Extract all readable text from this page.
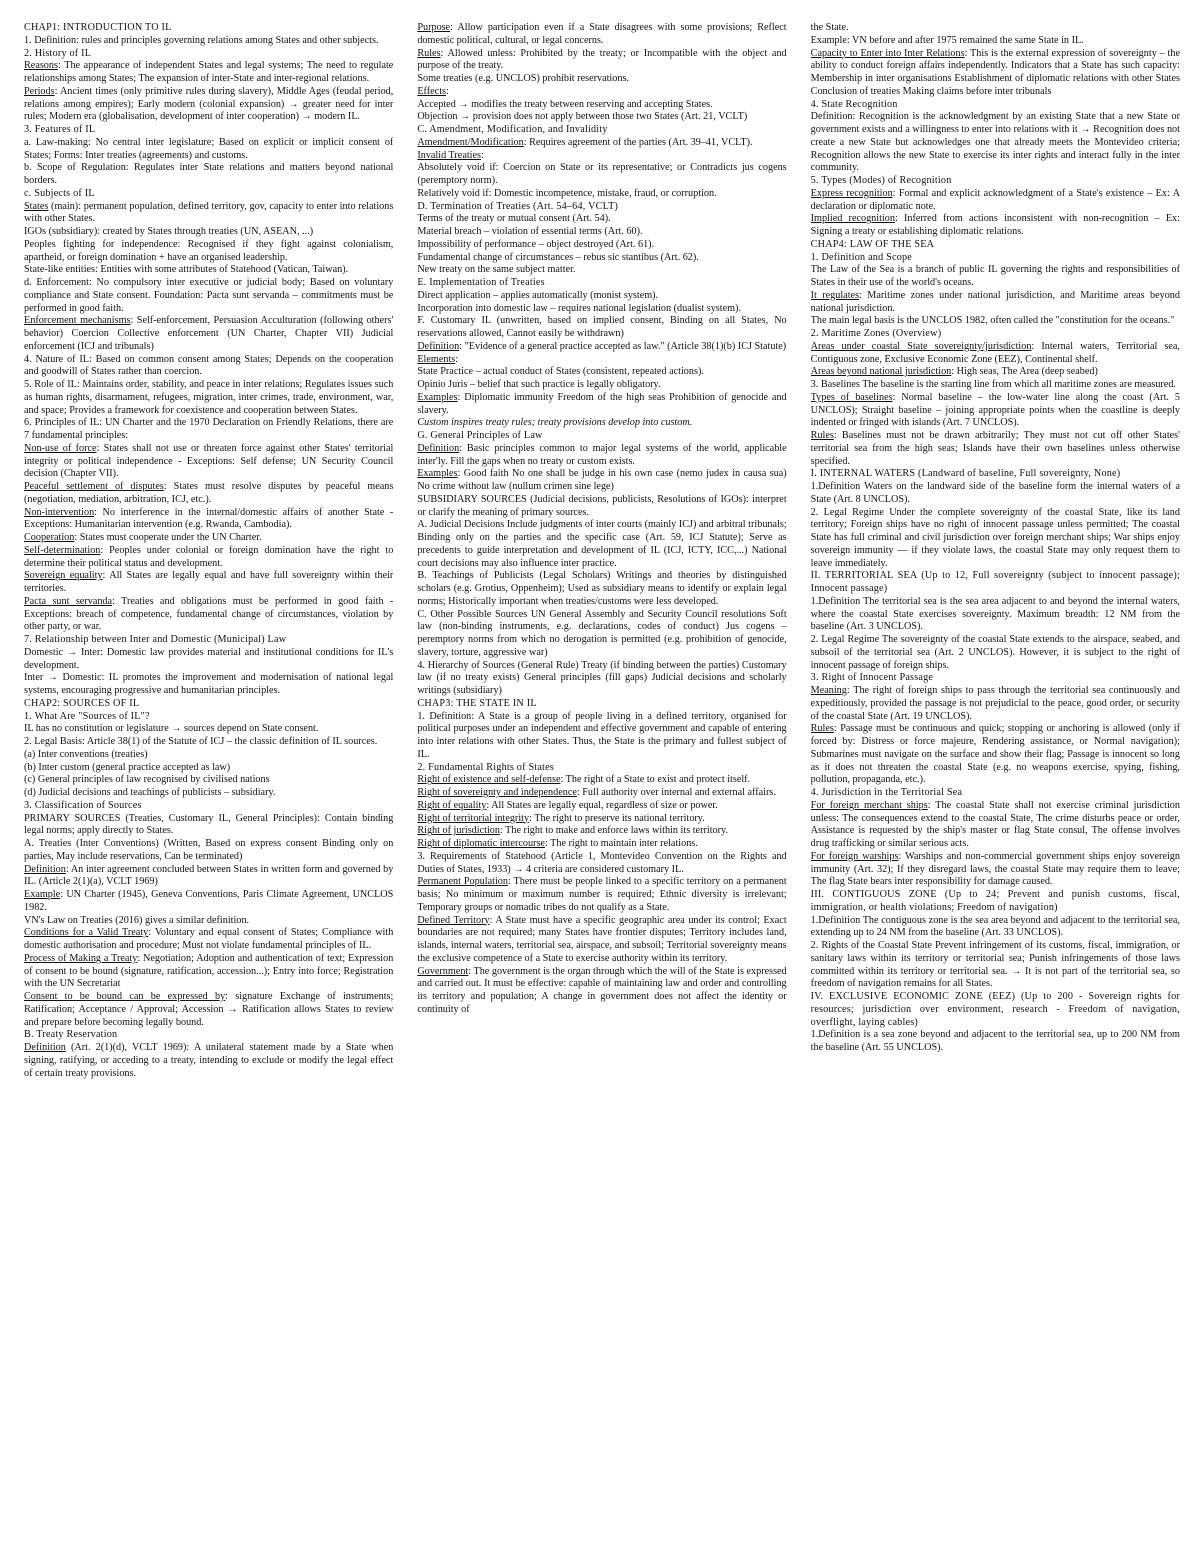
CHAP1: INTRODUCTION TO IL

1. Definition: rules and principles governing relations among States and other subjects.

2. History of IL

Reasons: The appearance of independent States and legal systems; The need to regulate relationships among States; The expansion of inter-State and inter-regional relations.

Periods: Ancient times (only primitive rules during slavery), Middle Ages (feudal period, relations among empires); Early modern (colonial expansion) → greater need for inter rules; Modern era (globalisation, development of inter cooperation) → modern IL.

3. Features of IL

a. Law-making: No central inter legislature; Based on explicit or implicit consent of States; Forms: Inter treaties (agreements) and customs.

b. Scope of Regulation: Regulates inter State relations and matters beyond national borders.

c. Subjects of IL

States (main): permanent population, defined territory, gov, capacity to enter into relations with other States.

IGOs (subsidiary): created by States through treaties (UN, ASEAN, ...)

Peoples fighting for independence: Recognised if they fight against colonialism, apartheid, or foreign domination + have an organised leadership.

State-like entities: Entities with some attributes of Statehood (Vatican, Taiwan).

d. Enforcement: No compulsory inter executive or judicial body; Based on voluntary compliance and State consent. Foundation: Pacta sunt servanda – commitments must be performed in good faith.

Enforcement mechanisms: Self-enforcement, Persuasion Acculturation (following others' behavior) Coercion Collective enforcement (UN Charter, Chapter VII) Judicial enforcement (ICJ and tribunals)

4. Nature of IL: Based on common consent among States; Depends on the cooperation and goodwill of States rather than coercion.

5. Role of IL: Maintains order, stability, and peace in inter relations; Regulates issues such as human rights, disarmament, refugees, migration, inter crimes, trade, environment, war, and space; Provides a framework for coexistence and cooperation between States.

6. Principles of IL: UN Charter and the 1970 Declaration on Friendly Relations, there are 7 fundamental principles:

Non-use of force: States shall not use or threaten force against other States' territorial integrity or political independence - Exceptions: Self defense; UN Security Council decision (Chapter VII).

Peaceful settlement of disputes: States must resolve disputes by peaceful means (negotiation, mediation, arbitration, ICJ, etc.).

Non-intervention: No interference in the internal/domestic affairs of another State - Exceptions: Humanitarian intervention (e.g. Rwanda, Cambodia).

Cooperation: States must cooperate under the UN Charter.

Self-determination: Peoples under colonial or foreign domination have the right to determine their political status and development.

Sovereign equality: All States are legally equal and have full sovereignty within their territories.

Pacta sunt servanda: Treaties and obligations must be performed in good faith - Exceptions: breach of competence, fundamental change of circumstances, violation by other party, or war.

7. Relationship between Inter and Domestic (Municipal) Law

Domestic → Inter: Domestic law provides material and institutional conditions for IL's development.

Inter → Domestic: IL promotes the improvement and modernisation of national legal systems, encouraging progressive and humanitarian principles.

CHAP2: SOURCES OF IL

1. What Are "Sources of IL"?

IL has no constitution or legislature → sources depend on State consent.

2. Legal Basis: Article 38(1) of the Statute of ICJ – the classic definition of IL sources.

(a) Inter conventions (treaties)

(b) Inter custom (general practice accepted as law)

(c) General principles of law recognised by civilised nations

(d) Judicial decisions and teachings of publicists – subsidiary.

3. Classification of Sources

PRIMARY SOURCES (Treaties, Customary IL, General Principles): Contain binding legal norms; apply directly to States.

A. Treaties (Inter Conventions) (Written, Based on express consent Binding only on parties, May include reservations, Can be terminated)

Definition: An inter agreement concluded between States in written form and governed by IL. (Article 2(1)(a), VCLT 1969)

Example: UN Charter (1945), Geneva Conventions, Paris Climate Agreement, UNCLOS 1982.

VN's Law on Treaties (2016) gives a similar definition.

Conditions for a Valid Treaty: Voluntary and equal consent of States; Compliance with domestic authorisation and procedure; Must not violate fundamental principles of IL.

Process of Making a Treaty: Negotiation; Adoption and authentication of text; Expression of consent to be bound (signature, ratification, accession...); Entry into force; Registration with the UN Secretariat

Consent to be bound can be expressed by: signature Exchange of instruments; Ratification; Acceptance / Approval; Accession → Ratification allows States to review and prepare before becoming legally bound.

B. Treaty Reservation

Definition (Art. 2(1)(d), VCLT 1969): A unilateral statement made by a State when signing, ratifying, or acceding to a treaty, intending to exclude or modify the legal effect of certain treaty provisions.

Purpose: Allow participation even if a State disagrees with some provisions; Reflect domestic political, cultural, or legal concerns.

Rules: Allowed unless: Prohibited by the treaty; or Incompatible with the object and purpose of the treaty.

Some treaties (e.g. UNCLOS) prohibit reservations.

Effects:

Accepted → modifies the treaty between reserving and accepting States.

Objection → provision does not apply between those two States (Art. 21, VCLT)

C. Amendment, Modification, and Invalidity

Amendment/Modification: Requires agreement of the parties (Art. 39–41, VCLT).

Invalid Treaties:

Absolutely void if: Coercion on State or its representative; or Contradicts jus cogens (peremptory norm).

Relatively void if: Domestic incompetence, mistake, fraud, or corruption.

D. Termination of Treaties (Art. 54–64, VCLT)

Terms of the treaty or mutual consent (Art. 54).

Material breach – violation of essential terms (Art. 60).

Impossibility of performance – object destroyed (Art. 61).

Fundamental change of circumstances – rebus sic stantibus (Art. 62).

New treaty on the same subject matter.

E. Implementation of Treaties

Direct application – applies automatically (monist system).

Incorporation into domestic law – requires national legislation (dualist system).

F. Customary IL (unwritten, based on implied consent, Binding on all States, No reservations allowed, Cannot easily be withdrawn)

Definition: "Evidence of a general practice accepted as law." (Article 38(1)(b) ICJ Statute)

Elements:

State Practice – actual conduct of States (consistent, repeated actions).

Opinio Juris – belief that such practice is legally obligatory.

Examples: Diplomatic immunity Freedom of the high seas Prohibition of genocide and slavery.

Custom inspires treaty rules; treaty provisions develop into custom.

G. General Principles of Law

Definition: Basic principles common to major legal systems of the world, applicable inter'ly. Fill the gaps when no treaty or custom exists.

Examples: Good faith No one shall be judge in his own case (nemo judex in causa sua) No crime without law (nullum crimen sine lege)

SUBSIDIARY SOURCES (Judicial decisions, publicists, Resolutions of IGOs): interpret or clarify the meaning of primary sources.

A. Judicial Decisions Include judgments of inter courts (mainly ICJ) and arbitral tribunals; Binding only on the parties and the specific case (Art. 59, ICJ Statute); Serve as precedents to guide interpretation and development of IL (ICJ, ICTY, ICC,...) National court decisions may also influence inter practice.

B. Teachings of Publicists (Legal Scholars) Writings and theories by distinguished scholars (e.g. Grotius, Oppenheim); Used as subsidiary means to identify or explain legal norms; Historically important when treaties/customs were less developed.

C. Other Possible Sources UN General Assembly and Security Council resolutions Soft law (non-binding instruments, e.g. declarations, codes of conduct) Jus cogens – peremptory norms from which no derogation is permitted (e.g. prohibition of genocide, slavery, torture, aggressive war)

4. Hierarchy of Sources (General Rule) Treaty (if binding between the parties) Customary law (if no treaty exists) General principles (fill gaps) Judicial decisions and scholarly writings (subsidiary)

CHAP3: THE STATE IN IL

1. Definition: A State is a group of people living in a defined territory, organised for political purposes under an independent and effective government and capable of entering into inter relations with other States. Thus, the State is the primary and fullest subject of IL.

2. Fundamental Rights of States

Right of existence and self-defense: The right of a State to exist and protect itself.

Right of sovereignty and independence: Full authority over internal and external affairs.

Right of equality: All States are legally equal, regardless of size or power.

Right of territorial integrity: The right to preserve its national territory.

Right of jurisdiction: The right to make and enforce laws within its territory.

Right of diplomatic intercourse: The right to maintain inter relations.

3. Requirements of Statehood (Article 1, Montevideo Convention on the Rights and Duties of States, 1933) → 4 criteria are considered customary IL.

Permanent Population: There must be people linked to a specific territory on a permanent basis; No minimum or maximum number is required; Ethnic diversity is irrelevant; Temporary groups or nomadic tribes do not qualify as a State.

Defined Territory: A State must have a specific geographic area under its control; Exact boundaries are not required; many States have frontier disputes; Territory includes land, islands, internal waters, territorial sea, airspace, and subsoil; Territorial sovereignty means the exclusive competence of a State to exercise authority within its territory.

Government: The government is the organ through which the will of the State is expressed and carried out. It must be effective: capable of maintaining law and order and controlling its territory and population; A change in government does not affect the identity or continuity of

the State.

Example: VN before and after 1975 remained the same State in IL.

Capacity to Enter into Inter Relations: This is the external expression of sovereignty – the ability to conduct foreign affairs independently. Indicators that a State has such capacity: Membership in inter organisations Establishment of diplomatic relations with other States Conclusion of treaties Making claims before inter tribunals

4. State Recognition

Definition: Recognition is the acknowledgment by an existing State that a new State or government exists and a willingness to enter into relations with it → Recognition does not create a new State but acknowledges one that already meets the Montevideo criteria; Recognition allows the new State to exercise its inter rights and interact fully in the inter community.

5. Types (Modes) of Recognition

Express recognition: Formal and explicit acknowledgment of a State's existence – Ex: A declaration or diplomatic note.

Implied recognition: Inferred from actions inconsistent with non-recognition – Ex: Signing a treaty or establishing diplomatic relations.

CHAP4: LAW OF THE SEA

1. Definition and Scope

The Law of the Sea is a branch of public IL governing the rights and responsibilities of States in their use of the world's oceans.

It regulates: Maritime zones under national jurisdiction, and Maritime areas beyond national jurisdiction.

The main legal basis is the UNCLOS 1982, often called the "constitution for the oceans."

2. Maritime Zones (Overview)

Areas under coastal State sovereignty/jurisdiction: Internal waters, Territorial sea, Contiguous zone, Exclusive Economic Zone (EEZ), Continental shelf.

Areas beyond national jurisdiction: High seas, The Area (deep seabed)

3. Baselines The baseline is the starting line from which all maritime zones are measured.

Types of baselines: Normal baseline – the low-water line along the coast (Art. 5 UNCLOS); Straight baseline – joining appropriate points when the coastline is deeply indented or fringed with islands (Art. 7 UNCLOS).

Rules: Baselines must not be drawn arbitrarily; They must not cut off other States' territorial sea from the high seas; Islands have their own baselines unless otherwise specified.

I. INTERNAL WATERS (Landward of baseline, Full sovereignty, None)

1.Definition Waters on the landward side of the baseline form the internal waters of a State (Art. 8 UNCLOS).

2. Legal Regime Under the complete sovereignty of the coastal State, like its land territory; Foreign ships have no right of innocent passage unless permitted; The coastal State has full criminal and civil jurisdiction over foreign merchant ships; War ships enjoy sovereign immunity — if they violate laws, the coastal State may only request them to leave immediately.

II. TERRITORIAL SEA (Up to 12, Full sovereignty (subject to innocent passage); Innocent passage)

1.Definition The territorial sea is the sea area adjacent to and beyond the internal waters, where the coastal State exercises sovereignty. Maximum breadth: 12 NM from the baseline (Art. 3 UNCLOS).

2. Legal Regime The sovereignty of the coastal State extends to the airspace, seabed, and subsoil of the territorial sea (Art. 2 UNCLOS). However, it is subject to the right of innocent passage of foreign ships.

3. Right of Innocent Passage

Meaning: The right of foreign ships to pass through the territorial sea continuously and expeditiously, provided the passage is not prejudicial to the peace, good order, or security of the coastal State (Art. 19 UNCLOS).

Rules: Passage must be continuous and quick; stopping or anchoring is allowed (only if forced by: Distress or force majeure, Rendering assistance, or Normal navigation); Submarines must navigate on the surface and show their flag; Passage is innocent so long as it does not threaten the coastal State (e.g. no weapons exercise, spying, fishing, pollution, propaganda, etc.).

4. Jurisdiction in the Territorial Sea

For foreign merchant ships: The coastal State shall not exercise criminal jurisdiction unless: The consequences extend to the coastal State, The crime disturbs peace or order, Assistance is requested by the ship's master or flag State consul, The offense involves drug trafficking or similar serious acts.

For foreign warships: Warships and non-commercial government ships enjoy sovereign immunity (Art. 32); If they disregard laws, the coastal State may require them to leave; The flag State bears inter responsibility for damage caused.

III. CONTIGUOUS ZONE (Up to 24; Prevent and punish customs, fiscal, immigration, or health violations; Freedom of navigation)

1.Definition The contiguous zone is the sea area beyond and adjacent to the territorial sea, extending up to 24 NM from the baseline (Art. 33 UNCLOS).

2. Rights of the Coastal State Prevent infringement of its customs, fiscal, immigration, or sanitary laws within its territory or territorial sea; Punish infringements of those laws committed within its territory or territorial sea. → It is not part of the territorial sea, so freedom of navigation remains for all States.

IV. EXCLUSIVE ECONOMIC ZONE (EEZ) (Up to 200 - Sovereign rights for resources; jurisdiction over environment, research - Freedom of navigation, overflight, laying cables)

1.Definition is a sea zone beyond and adjacent to the territorial sea, up to 200 NM from the baseline (Art. 55 UNCLOS).
